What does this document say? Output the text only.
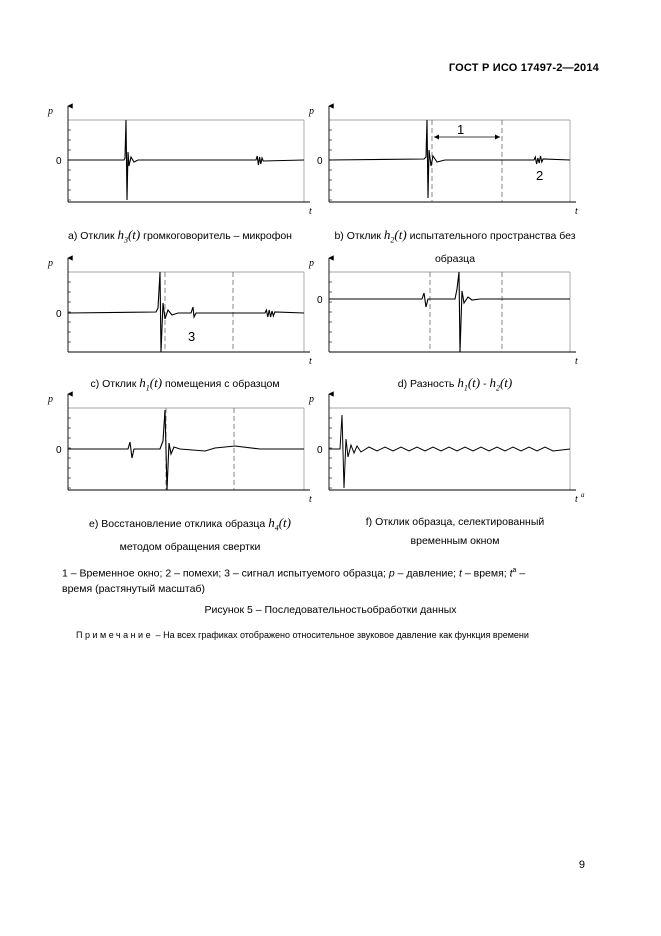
ГОСТ Р ИСО 17497-2—2014
p
t
0
p
t
0
p
t
0
p
t
0
p
t
0
p
t a
0
1
2
3
a) Отклик $h_3(t)$ громкоговоритель – микрофон	b) Отклик $h_2(t)$ испытательного пространства без
образца
c) Отклик $h_1(t)$ помещения с образцом	d) Разность $h_1(t) - h_2(t)$
e) Восстановление отклика образца $h_4(t)$
методом обращения свертки
f) Отклик образца, селектированный
временным окном
1 – Временное окно; 2 – помехи; 3 – сигнал испытуемого образца; p – давление; t – время; $t^a$ –
время (растянутый масштаб)
Рисунок 5 – Последовательностьобработки данных
Примечание – На всех графиках отображено относительное звуковое давление как функция времени
9
